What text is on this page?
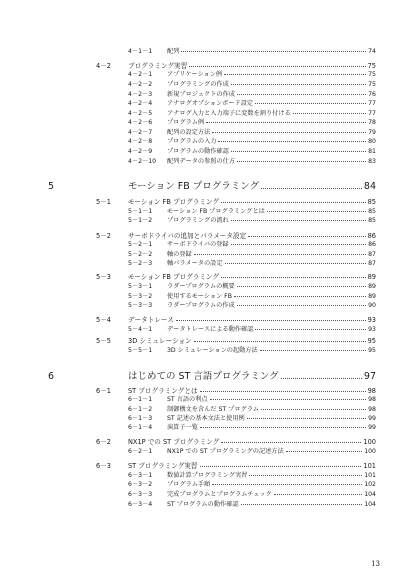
4－1－1	配列	74
4－2	プログラミング実習	75
4－2－1	アプリケーション例	75
4－2－2	プログラミングの作成	75
4－2－3	新規プロジェクトの作成	76
4－2－4	アナログオプションボード設定	77
4－2－5	アナログ入力と入力端子に変数を割り付ける	77
4－2－6	プログラム例	78
4－2－7	配列の設定方法	79
4－2－8	プログラムの入力	80
4－2－9	プログラムの動作確認	81
4－2－10	配列データの参照の仕方	83
5	モーション FB プログラミング	84
5－1	モーション FB プログラミング	85
5－1－1	モーション FB プログラミングとは	85
5－1－2	プログラミングの流れ	85
5－2	サーボドライバの追加とパラメータ設定	86
5－2－1	サーボドライバの登録	86
5－2－2	軸の登録	87
5－2－3	軸パラメータの設定	87
5－3	モーション FB プログラミング	89
5－3－1	ラダープログラムの概要	89
5－3－2	使用するモーション FB	89
5－3－3	ラダープログラムの作成	90
5－4	データトレース	93
5－4－1	データトレースによる動作確認	93
5－5	3D シミュレーション	95
5－5－1	3D シミュレーションの起動方法	95
6	はじめての ST 言語プログラミング	97
6－1	ST プログラミングとは	98
6－1－1	ST 言語の利点	98
6－1－2	制御構文を含んだ ST プログラム	98
6－1－3	ST 記述の基本文法と使用例	99
6－1－4	演算子一覧	99
6－2	NX1P での ST プログラミング	100
6－2－1	NX1P での ST プログラミングの記述方法	100
6－3	ST プログラミング実習	101
6－3－1	数値計算プログラミング実習	101
6－3－2	プログラム手順	102
6－3－3	完成プログラムとプログラムチェック	104
6－3－4	ST プログラムの動作確認	104
13
